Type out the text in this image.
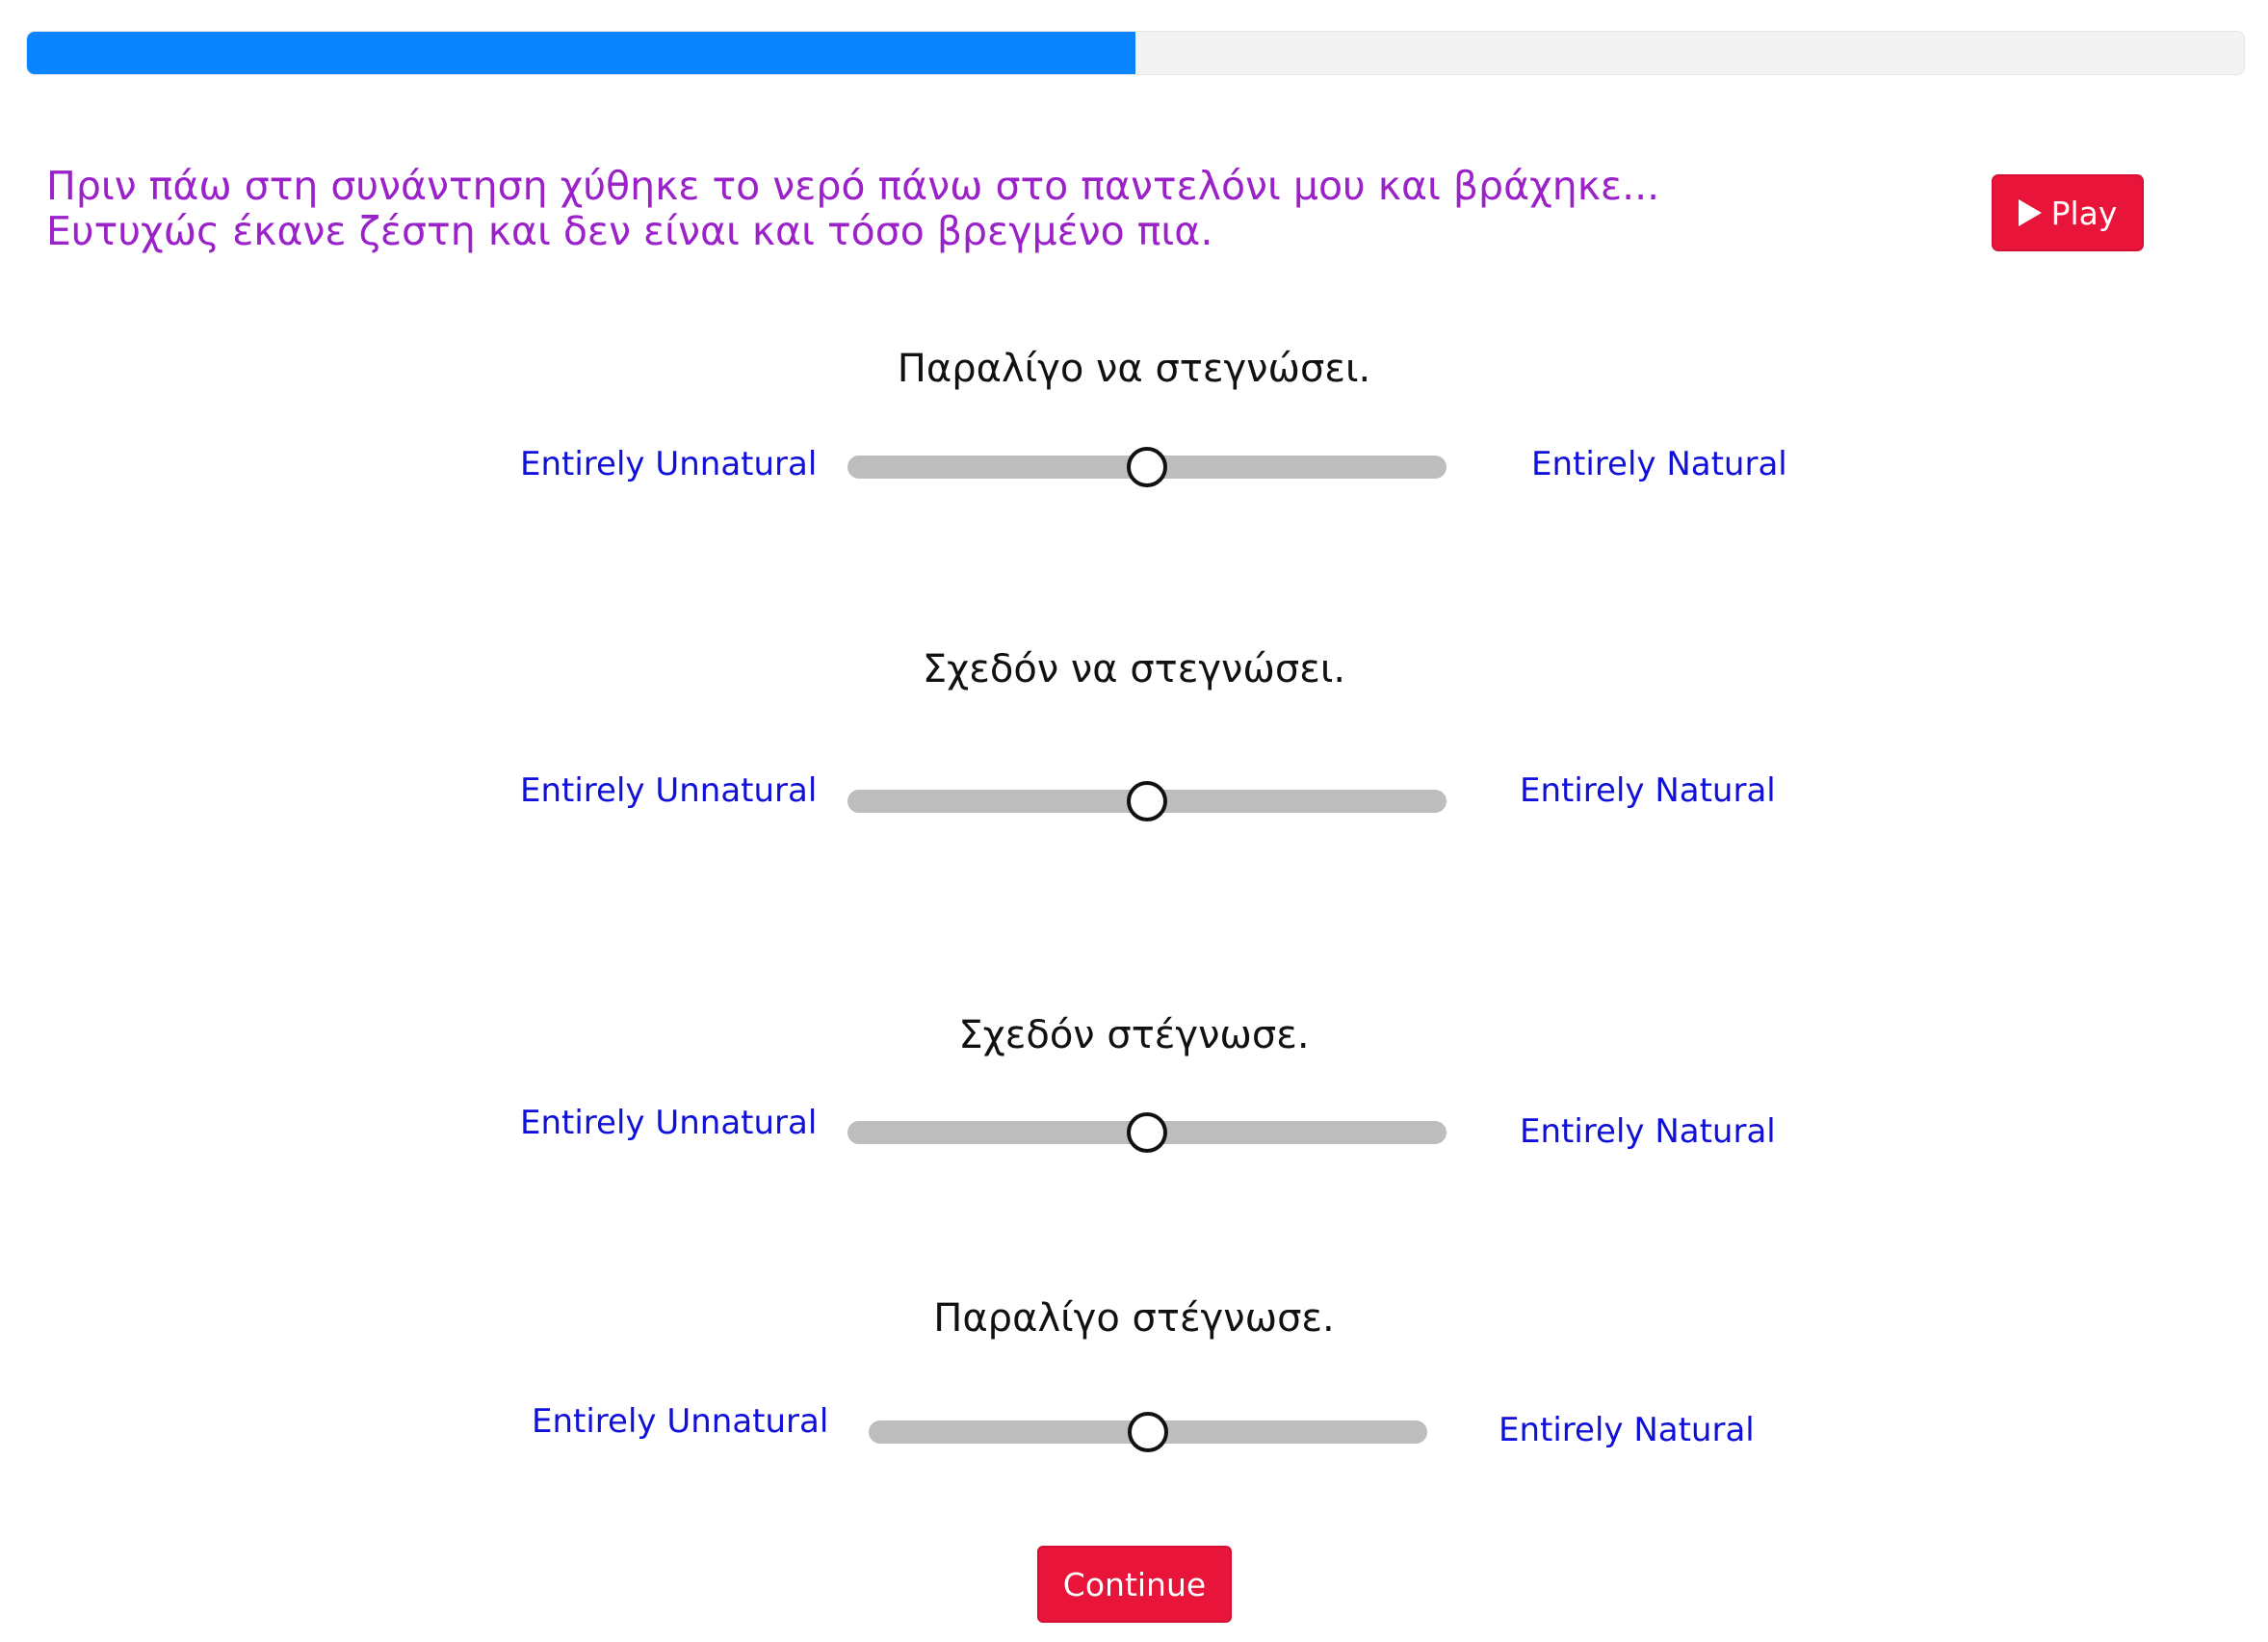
Πριν πάω στη συνάντηση χύθηκε το νερό πάνω στο παντελόνι μου και βράχηκε... Ευτυχώς έκανε ζέστη και δεν είναι και τόσο βρεγμένο πια.	Play
Παραλίγο να στεγνώσει.
Entirely Unnatural	Entirely Natural
Σχεδόν να στεγνώσει.
Entirely Unnatural	Entirely Natural
Σχεδόν στέγνωσε.
Entirely Unnatural	Entirely Natural
Παραλίγο στέγνωσε.
Entirely Unnatural	Entirely Natural
Continue
